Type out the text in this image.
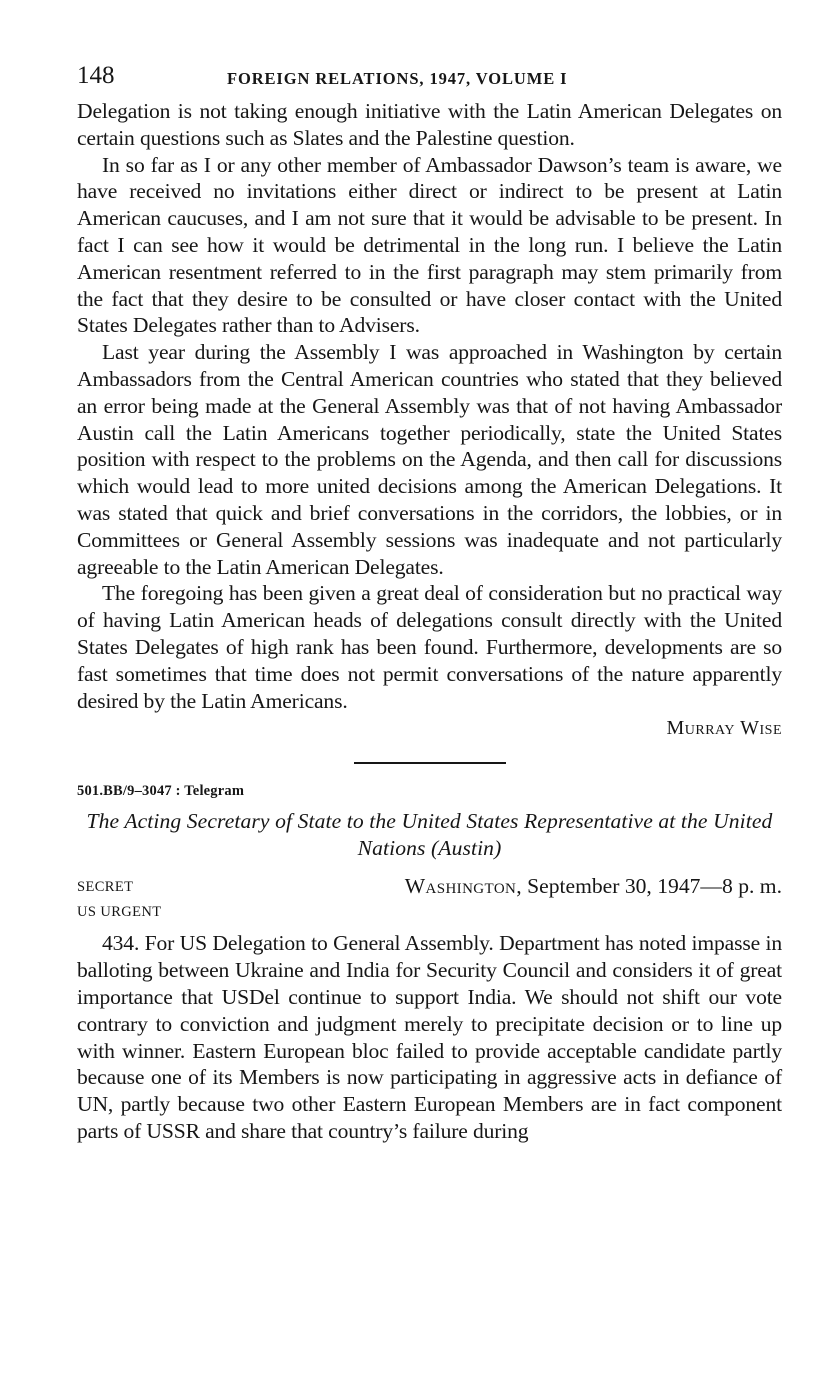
148	FOREIGN RELATIONS, 1947, VOLUME I

Delegation is not taking enough initiative with the Latin American Delegates on certain questions such as Slates and the Palestine question.

In so far as I or any other member of Ambassador Dawson’s team is aware, we have received no invitations either direct or indirect to be present at Latin American caucuses, and I am not sure that it would be advisable to be present. In fact I can see how it would be detrimental in the long run. I believe the Latin American resentment referred to in the first paragraph may stem primarily from the fact that they desire to be consulted or have closer contact with the United States Delegates rather than to Advisers.

Last year during the Assembly I was approached in Washington by certain Ambassadors from the Central American countries who stated that they believed an error being made at the General Assembly was that of not having Ambassador Austin call the Latin Americans together periodically, state the United States position with respect to the problems on the Agenda, and then call for discussions which would lead to more united decisions among the American Delegations. It was stated that quick and brief conversations in the corridors, the lobbies, or in Committees or General Assembly sessions was inadequate and not particularly agreeable to the Latin American Delegates.

The foregoing has been given a great deal of consideration but no practical way of having Latin American heads of delegations consult directly with the United States Delegates of high rank has been found. Furthermore, developments are so fast sometimes that time does not permit conversations of the nature apparently desired by the Latin Americans.

Murray Wise
501.BB/9–3047 : Telegram
The Acting Secretary of State to the United States Representative at the United Nations (Austin)
SECRET	Washington, September 30, 1947—8 p. m.
US URGENT

434. For US Delegation to General Assembly. Department has noted impasse in balloting between Ukraine and India for Security Council and considers it of great importance that USDel continue to support India. We should not shift our vote contrary to conviction and judgment merely to precipitate decision or to line up with winner. Eastern European bloc failed to provide acceptable candidate partly because one of its Members is now participating in aggressive acts in defiance of UN, partly because two other Eastern European Members are in fact component parts of USSR and share that country’s failure during
